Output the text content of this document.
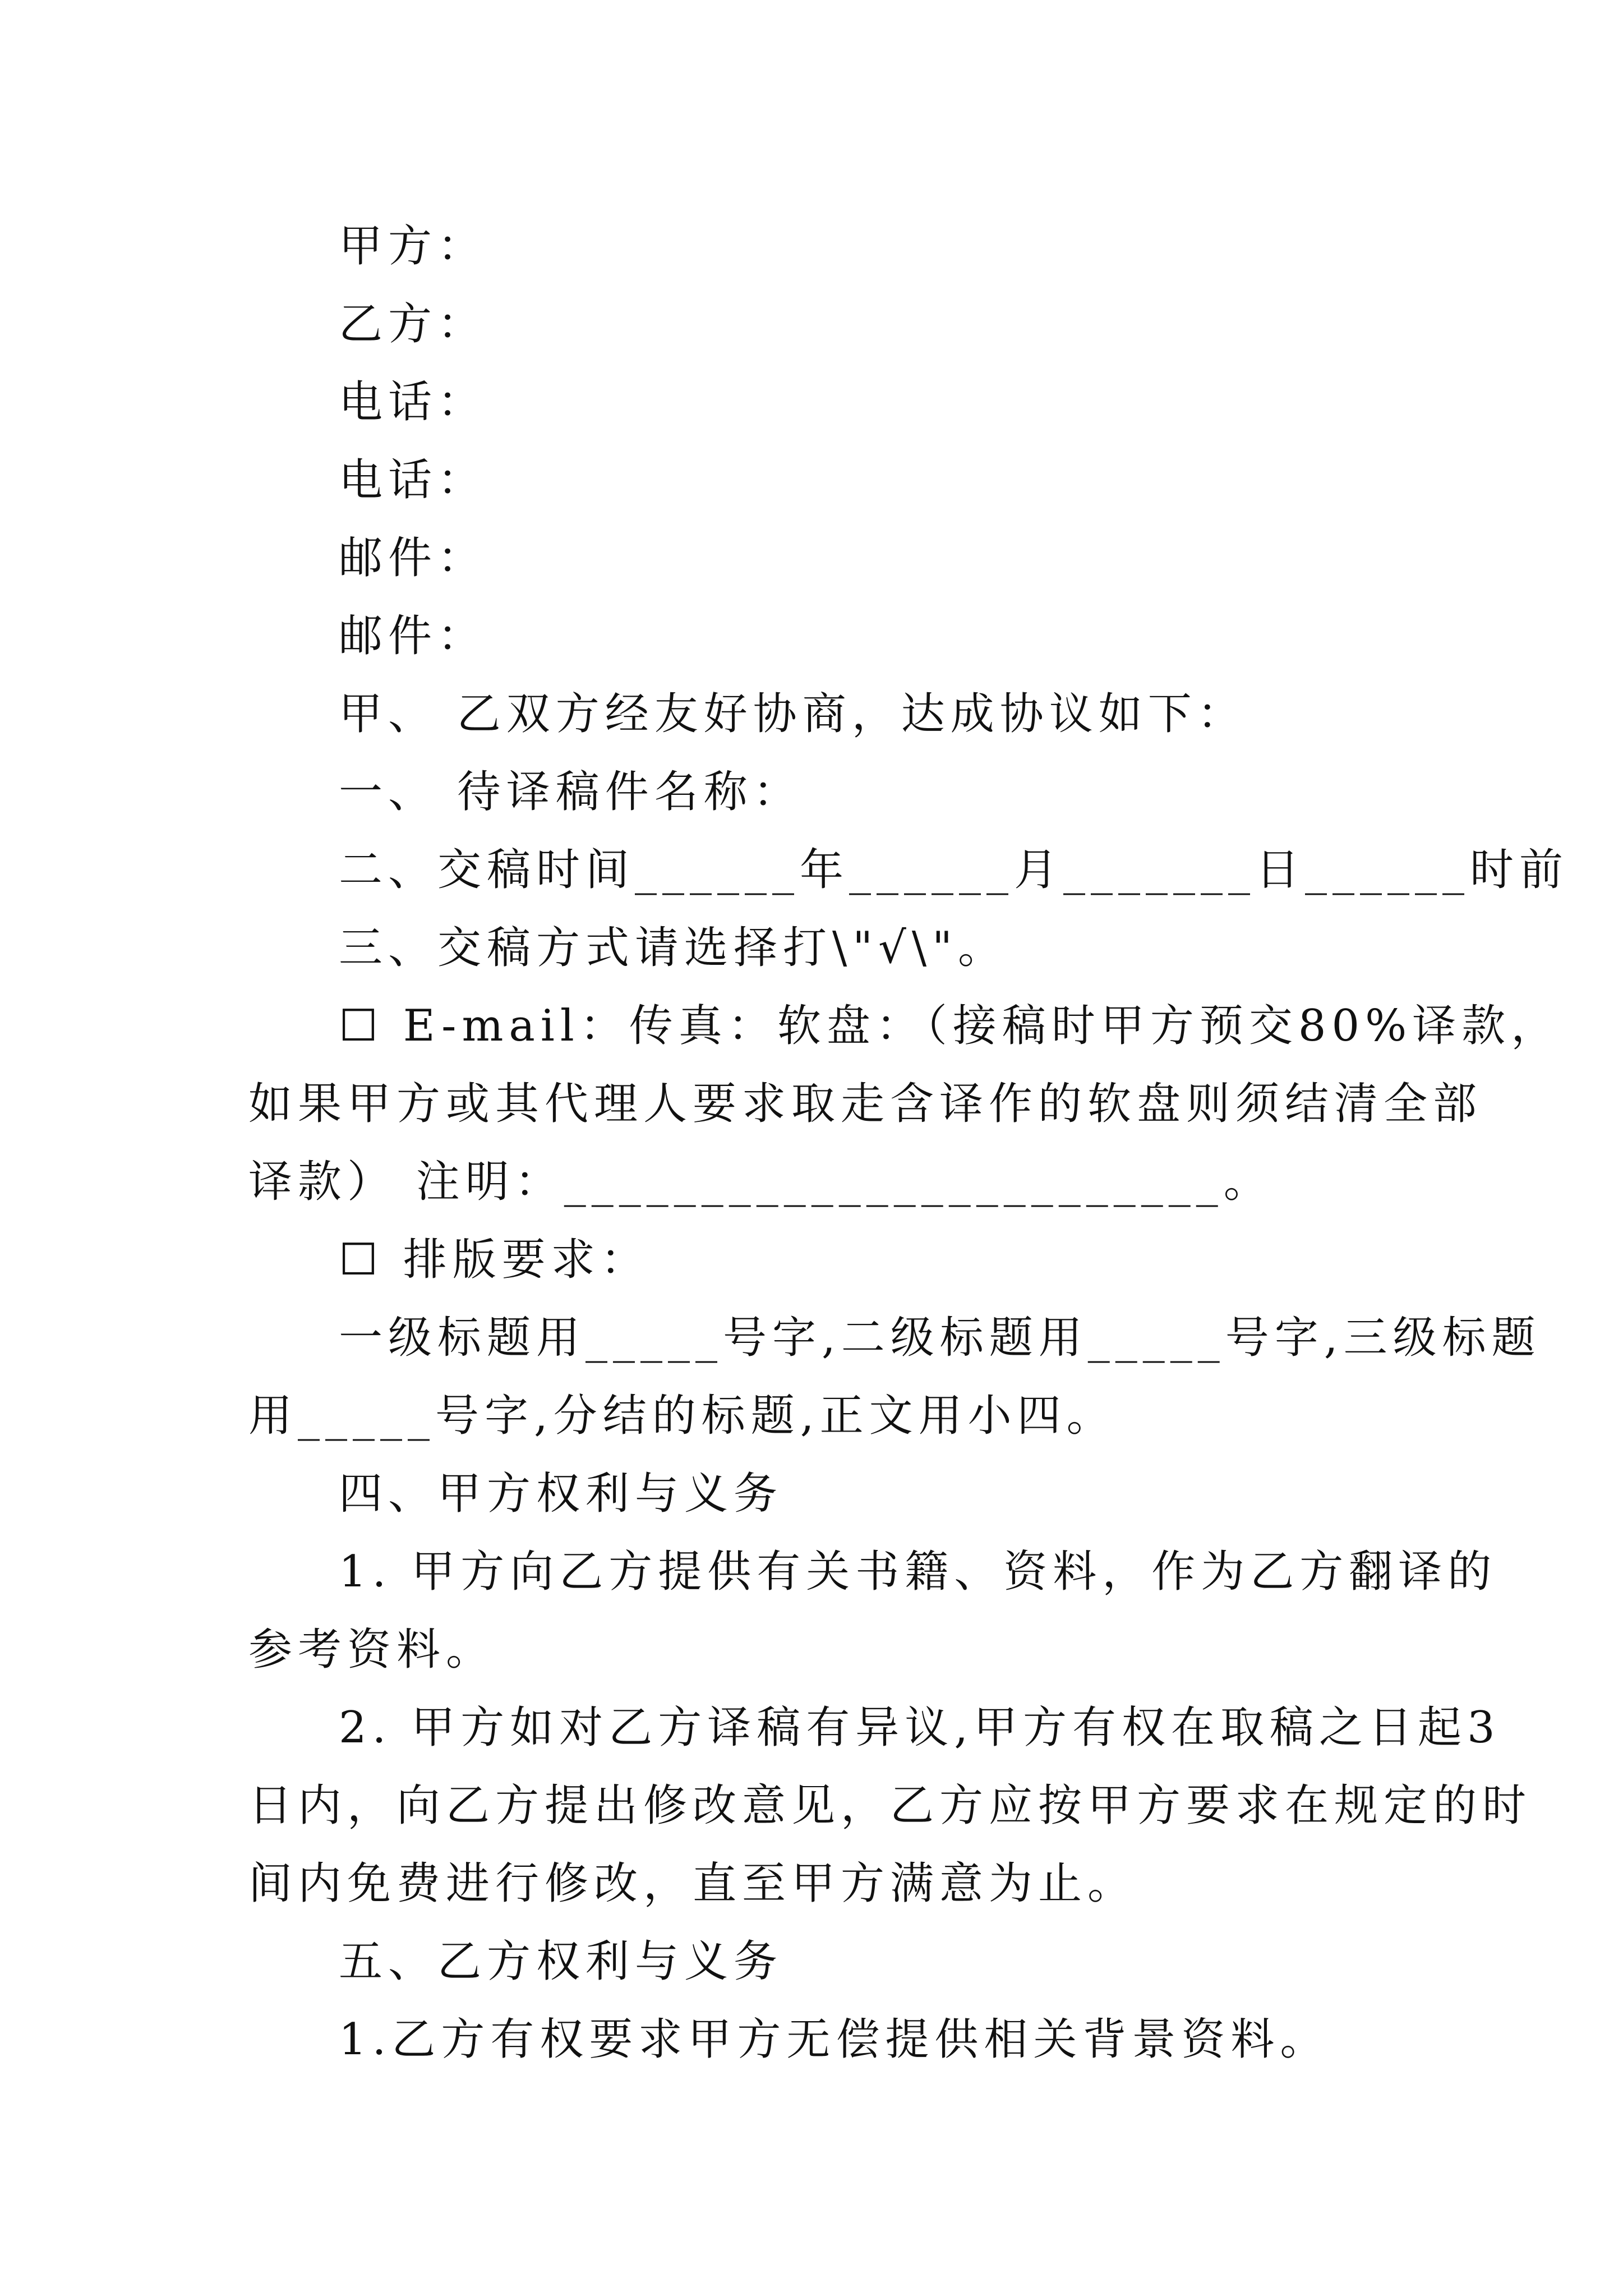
甲方：

乙方：

电话：

电话：

邮件：

邮件：

甲、 乙双方经友好协商，达成协议如下：

一、 待译稿件名称：

二、交稿时间______年______月_______日______时前

三、交稿方式请选择打\"√\"。

☐ E-mail：传真：软盘：（接稿时甲方预交80%译款，

如果甲方或其代理人要求取走含译作的软盘则须结清全部

译款） 注明：________________________。

☐ 排版要求：

一级标题用_____号字,二级标题用_____号字,三级标题

用_____号字,分结的标题,正文用小四。

四、甲方权利与义务

1. 甲方向乙方提供有关书籍、资料，作为乙方翻译的

参考资料。

2. 甲方如对乙方译稿有异议,甲方有权在取稿之日起3

日内，向乙方提出修改意见，乙方应按甲方要求在规定的时

间内免费进行修改，直至甲方满意为止。

五、乙方权利与义务

1.乙方有权要求甲方无偿提供相关背景资料。
